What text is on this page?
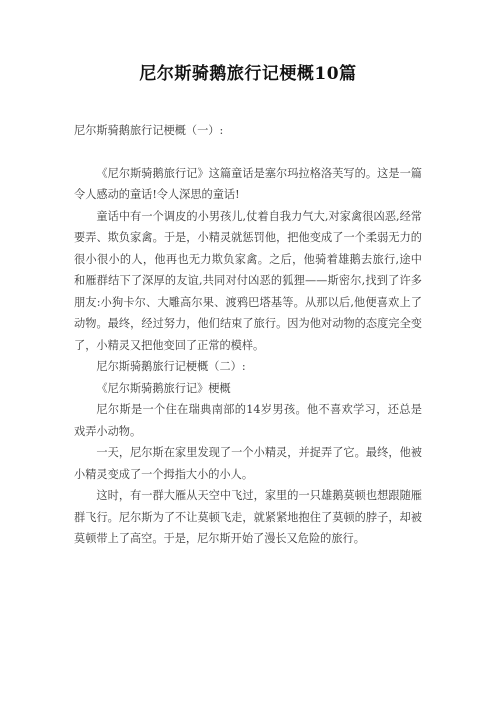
尼尔斯骑鹅旅行记梗概10篇

尼尔斯骑鹅旅行记梗概（一）:

《尼尔斯骑鹅旅行记》这篇童话是塞尔玛拉格洛芙写的。这是一篇令人感动的童话!令人深思的童话!

童话中有一个调皮的小男孩儿,仗着自我力气大,对家禽很凶恶,经常要弄、欺负家禽。于是，小精灵就惩罚他，把他变成了一个柔弱无力的很小很小的人，他再也无力欺负家禽。之后，他骑着雄鹅去旅行,途中和雁群结下了深厚的友谊,共同对付凶恶的狐狸——斯密尔,找到了许多朋友:小狗卡尔、大雕高尔果、渡鸦巴塔基等。从那以后,他便喜欢上了动物。最终，经过努力，他们结束了旅行。因为他对动物的态度完全变了，小精灵又把他变回了正常的模样。

尼尔斯骑鹅旅行记梗概（二）:

《尼尔斯骑鹅旅行记》梗概

尼尔斯是一个住在瑞典南部的14岁男孩。他不喜欢学习，还总是戏弄小动物。

一天，尼尔斯在家里发现了一个小精灵，并捉弄了它。最终，他被小精灵变成了一个拇指大小的小人。

这时，有一群大雁从天空中飞过，家里的一只雄鹅莫顿也想跟随雁群飞行。尼尔斯为了不让莫顿飞走，就紧紧地抱住了莫顿的脖子，却被莫顿带上了高空。于是，尼尔斯开始了漫长又危险的旅行。
